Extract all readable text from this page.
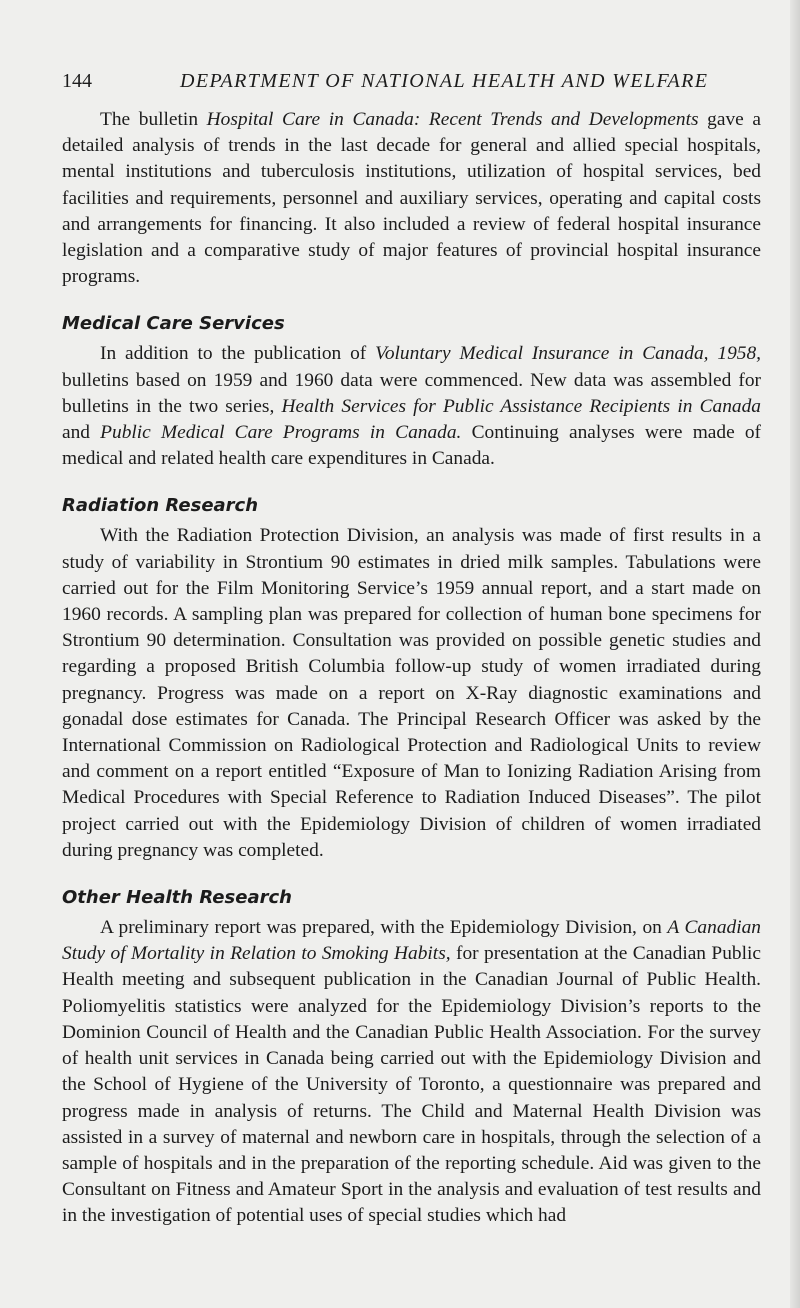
144	DEPARTMENT OF NATIONAL HEALTH AND WELFARE

The bulletin Hospital Care in Canada: Recent Trends and Developments gave a detailed analysis of trends in the last decade for general and allied special hospitals, mental institutions and tuberculosis institutions, utilization of hospital services, bed facilities and requirements, personnel and auxiliary services, operating and capital costs and arrangements for financing. It also included a review of federal hospital insurance legislation and a comparative study of major features of provincial hospital insurance programs.

Medical Care Services

In addition to the publication of Voluntary Medical Insurance in Canada, 1958, bulletins based on 1959 and 1960 data were commenced. New data was assembled for bulletins in the two series, Health Services for Public Assistance Recipients in Canada and Public Medical Care Programs in Canada. Continuing analyses were made of medical and related health care expenditures in Canada.

Radiation Research

With the Radiation Protection Division, an analysis was made of first results in a study of variability in Strontium 90 estimates in dried milk samples. Tabulations were carried out for the Film Monitoring Service’s 1959 annual report, and a start made on 1960 records. A sampling plan was prepared for collection of human bone specimens for Strontium 90 determination. Consultation was provided on possible genetic studies and regarding a proposed British Columbia follow-up study of women irradiated during pregnancy. Progress was made on a report on X-Ray diagnostic examinations and gonadal dose estimates for Canada. The Principal Research Officer was asked by the International Commission on Radiological Protection and Radiological Units to review and comment on a report entitled “Exposure of Man to Ionizing Radiation Arising from Medical Procedures with Special Reference to Radiation Induced Diseases”. The pilot project carried out with the Epidemiology Division of children of women irradiated during pregnancy was completed.

Other Health Research

A preliminary report was prepared, with the Epidemiology Division, on A Canadian Study of Mortality in Relation to Smoking Habits, for presentation at the Canadian Public Health meeting and subsequent publication in the Canadian Journal of Public Health. Poliomyelitis statistics were analyzed for the Epidemiology Division’s reports to the Dominion Council of Health and the Canadian Public Health Association. For the survey of health unit services in Canada being carried out with the Epidemiology Division and the School of Hygiene of the University of Toronto, a questionnaire was prepared and progress made in analysis of returns. The Child and Maternal Health Division was assisted in a survey of maternal and newborn care in hospitals, through the selection of a sample of hospitals and in the preparation of the reporting schedule. Aid was given to the Consultant on Fitness and Amateur Sport in the analysis and evaluation of test results and in the investigation of potential uses of special studies which had
